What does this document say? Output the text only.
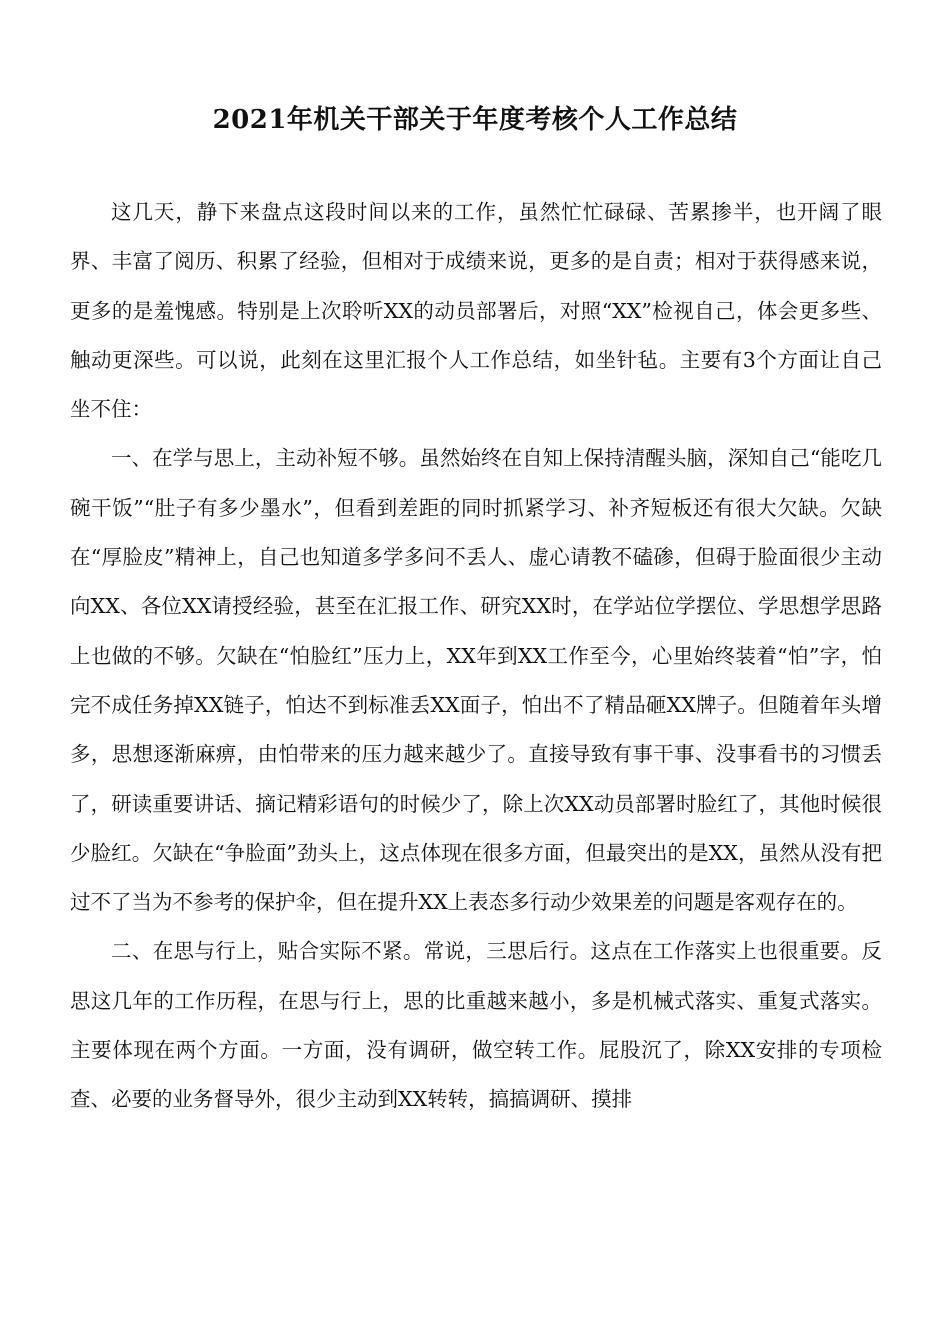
2021年机关干部关于年度考核个人工作总结

这几天，静下来盘点这段时间以来的工作，虽然忙忙碌碌、苦累掺半，也开阔了眼界、丰富了阅历、积累了经验，但相对于成绩来说，更多的是自责；相对于获得感来说，更多的是羞愧感。特别是上次聆听XX的动员部署后，对照“XX”检视自己，体会更多些、触动更深些。可以说，此刻在这里汇报个人工作总结，如坐针毡。主要有3个方面让自己坐不住：

一、在学与思上，主动补短不够。虽然始终在自知上保持清醒头脑，深知自己“能吃几碗干饭”“肚子有多少墨水”，但看到差距的同时抓紧学习、补齐短板还有很大欠缺。欠缺在“厚脸皮”精神上，自己也知道多学多问不丢人、虚心请教不磕碜，但碍于脸面很少主动向XX、各位XX请授经验，甚至在汇报工作、研究XX时，在学站位学摆位、学思想学思路上也做的不够。欠缺在“怕脸红”压力上，XX年到XX工作至今，心里始终装着“怕”字，怕完不成任务掉XX链子，怕达不到标准丢XX面子，怕出不了精品砸XX牌子。但随着年头增多，思想逐渐麻痹，由怕带来的压力越来越少了。直接导致有事干事、没事看书的习惯丢了，研读重要讲话、摘记精彩语句的时候少了，除上次XX动员部署时脸红了，其他时候很少脸红。欠缺在“争脸面”劲头上，这点体现在很多方面，但最突出的是XX，虽然从没有把过不了当为不参考的保护伞，但在提升XX上表态多行动少效果差的问题是客观存在的。

二、在思与行上，贴合实际不紧。常说，三思后行。这点在工作落实上也很重要。反思这几年的工作历程，在思与行上，思的比重越来越小，多是机械式落实、重复式落实。主要体现在两个方面。一方面，没有调研，做空转工作。屁股沉了，除XX安排的专项检查、必要的业务督导外，很少主动到XX转转，搞搞调研、摸排
